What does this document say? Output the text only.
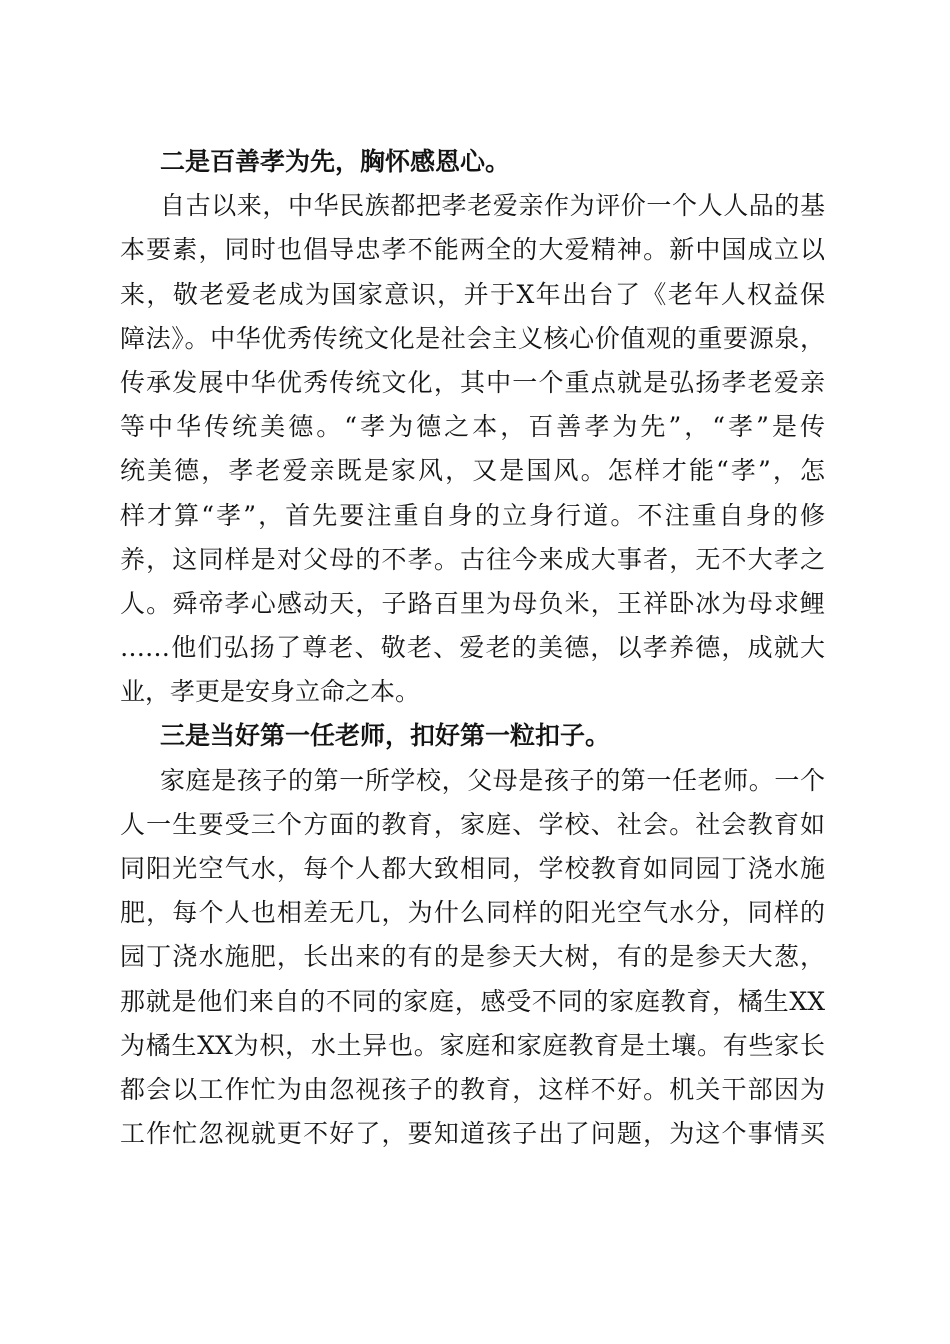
二是百善孝为先，胸怀感恩心。
自古以来，中华民族都把孝老爱亲作为评价一个人人品的基
本要素，同时也倡导忠孝不能两全的大爱精神。新中国成立以
来，敬老爱老成为国家意识，并于X年出台了《老年人权益保
障法》。中华优秀传统文化是社会主义核心价值观的重要源泉，
传承发展中华优秀传统文化，其中一个重点就是弘扬孝老爱亲
等中华传统美德。“孝为德之本，百善孝为先”，“孝”是传
统美德，孝老爱亲既是家风，又是国风。怎样才能“孝”，怎
样才算“孝”，首先要注重自身的立身行道。不注重自身的修
养，这同样是对父母的不孝。古往今来成大事者，无不大孝之
人。舜帝孝心感动天，子路百里为母负米，王祥卧冰为母求鲤
……他们弘扬了尊老、敬老、爱老的美德，以孝养德，成就大
业，孝更是安身立命之本。
三是当好第一任老师，扣好第一粒扣子。
家庭是孩子的第一所学校，父母是孩子的第一任老师。一个
人一生要受三个方面的教育，家庭、学校、社会。社会教育如
同阳光空气水，每个人都大致相同，学校教育如同园丁浇水施
肥，每个人也相差无几，为什么同样的阳光空气水分，同样的
园丁浇水施肥，长出来的有的是参天大树，有的是参天大葱，
那就是他们来自的不同的家庭，感受不同的家庭教育，橘生XX
为橘生XX为枳，水土异也。家庭和家庭教育是土壤。有些家长
都会以工作忙为由忽视孩子的教育，这样不好。机关干部因为
工作忙忽视就更不好了，要知道孩子出了问题，为这个事情买
